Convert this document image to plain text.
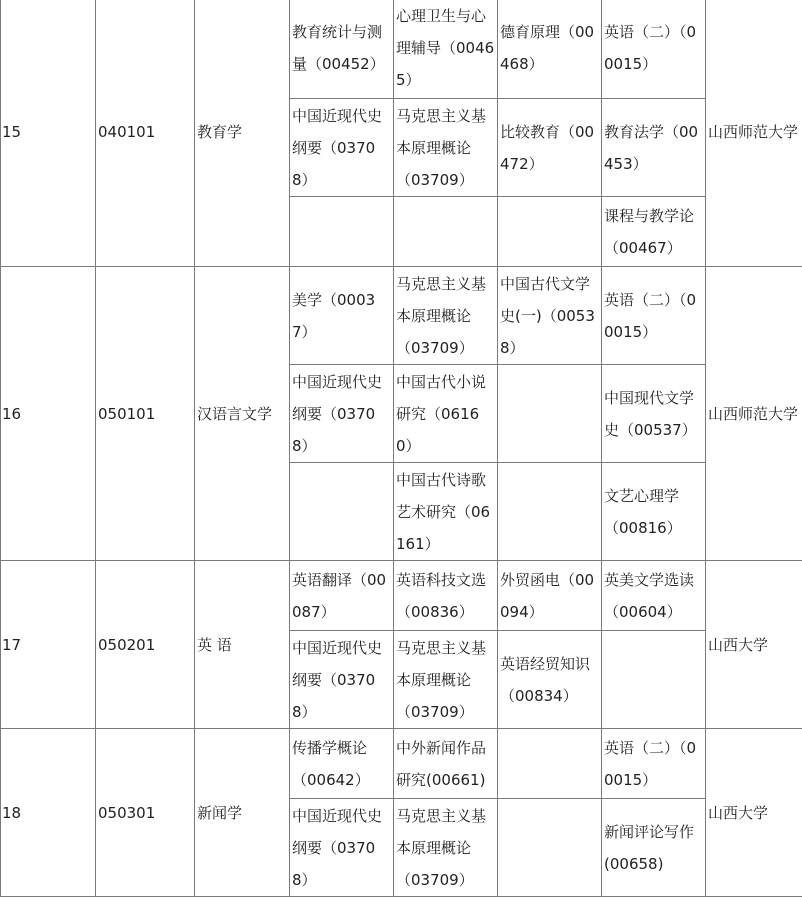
15	040101	教育学	教育统计与测量（00452）	心理卫生与心理辅导（00465）	德育原理（00468）	英语（二）（00015）	山西师范大学
			中国近现代史纲要（03708）	马克思主义基本原理概论（03709）	比较教育（00472）	教育法学（00453）	
						课程与教学论（00467）	
16	050101	汉语言文学	美学（00037）	马克思主义基本原理概论（03709）	中国古代文学史(一)（00538）	英语（二）（00015）	山西师范大学
			中国近现代史纲要（03708）	中国古代小说研究（06160）		中国现代文学史（00537）	
				中国古代诗歌艺术研究（06161）		文艺心理学（00816）	
17	050201	英 语	英语翻译（00087）	英语科技文选（00836）	外贸函电（00094）	英美文学选读（00604）	山西大学
			中国近现代史纲要（03708）	马克思主义基本原理概论（03709）	英语经贸知识（00834）		
18	050301	新闻学	传播学概论（00642）	中外新闻作品研究(00661)		英语（二）（00015）	山西大学
			中国近现代史纲要（03708）	马克思主义基本原理概论（03709）		新闻评论写作(00658)	
